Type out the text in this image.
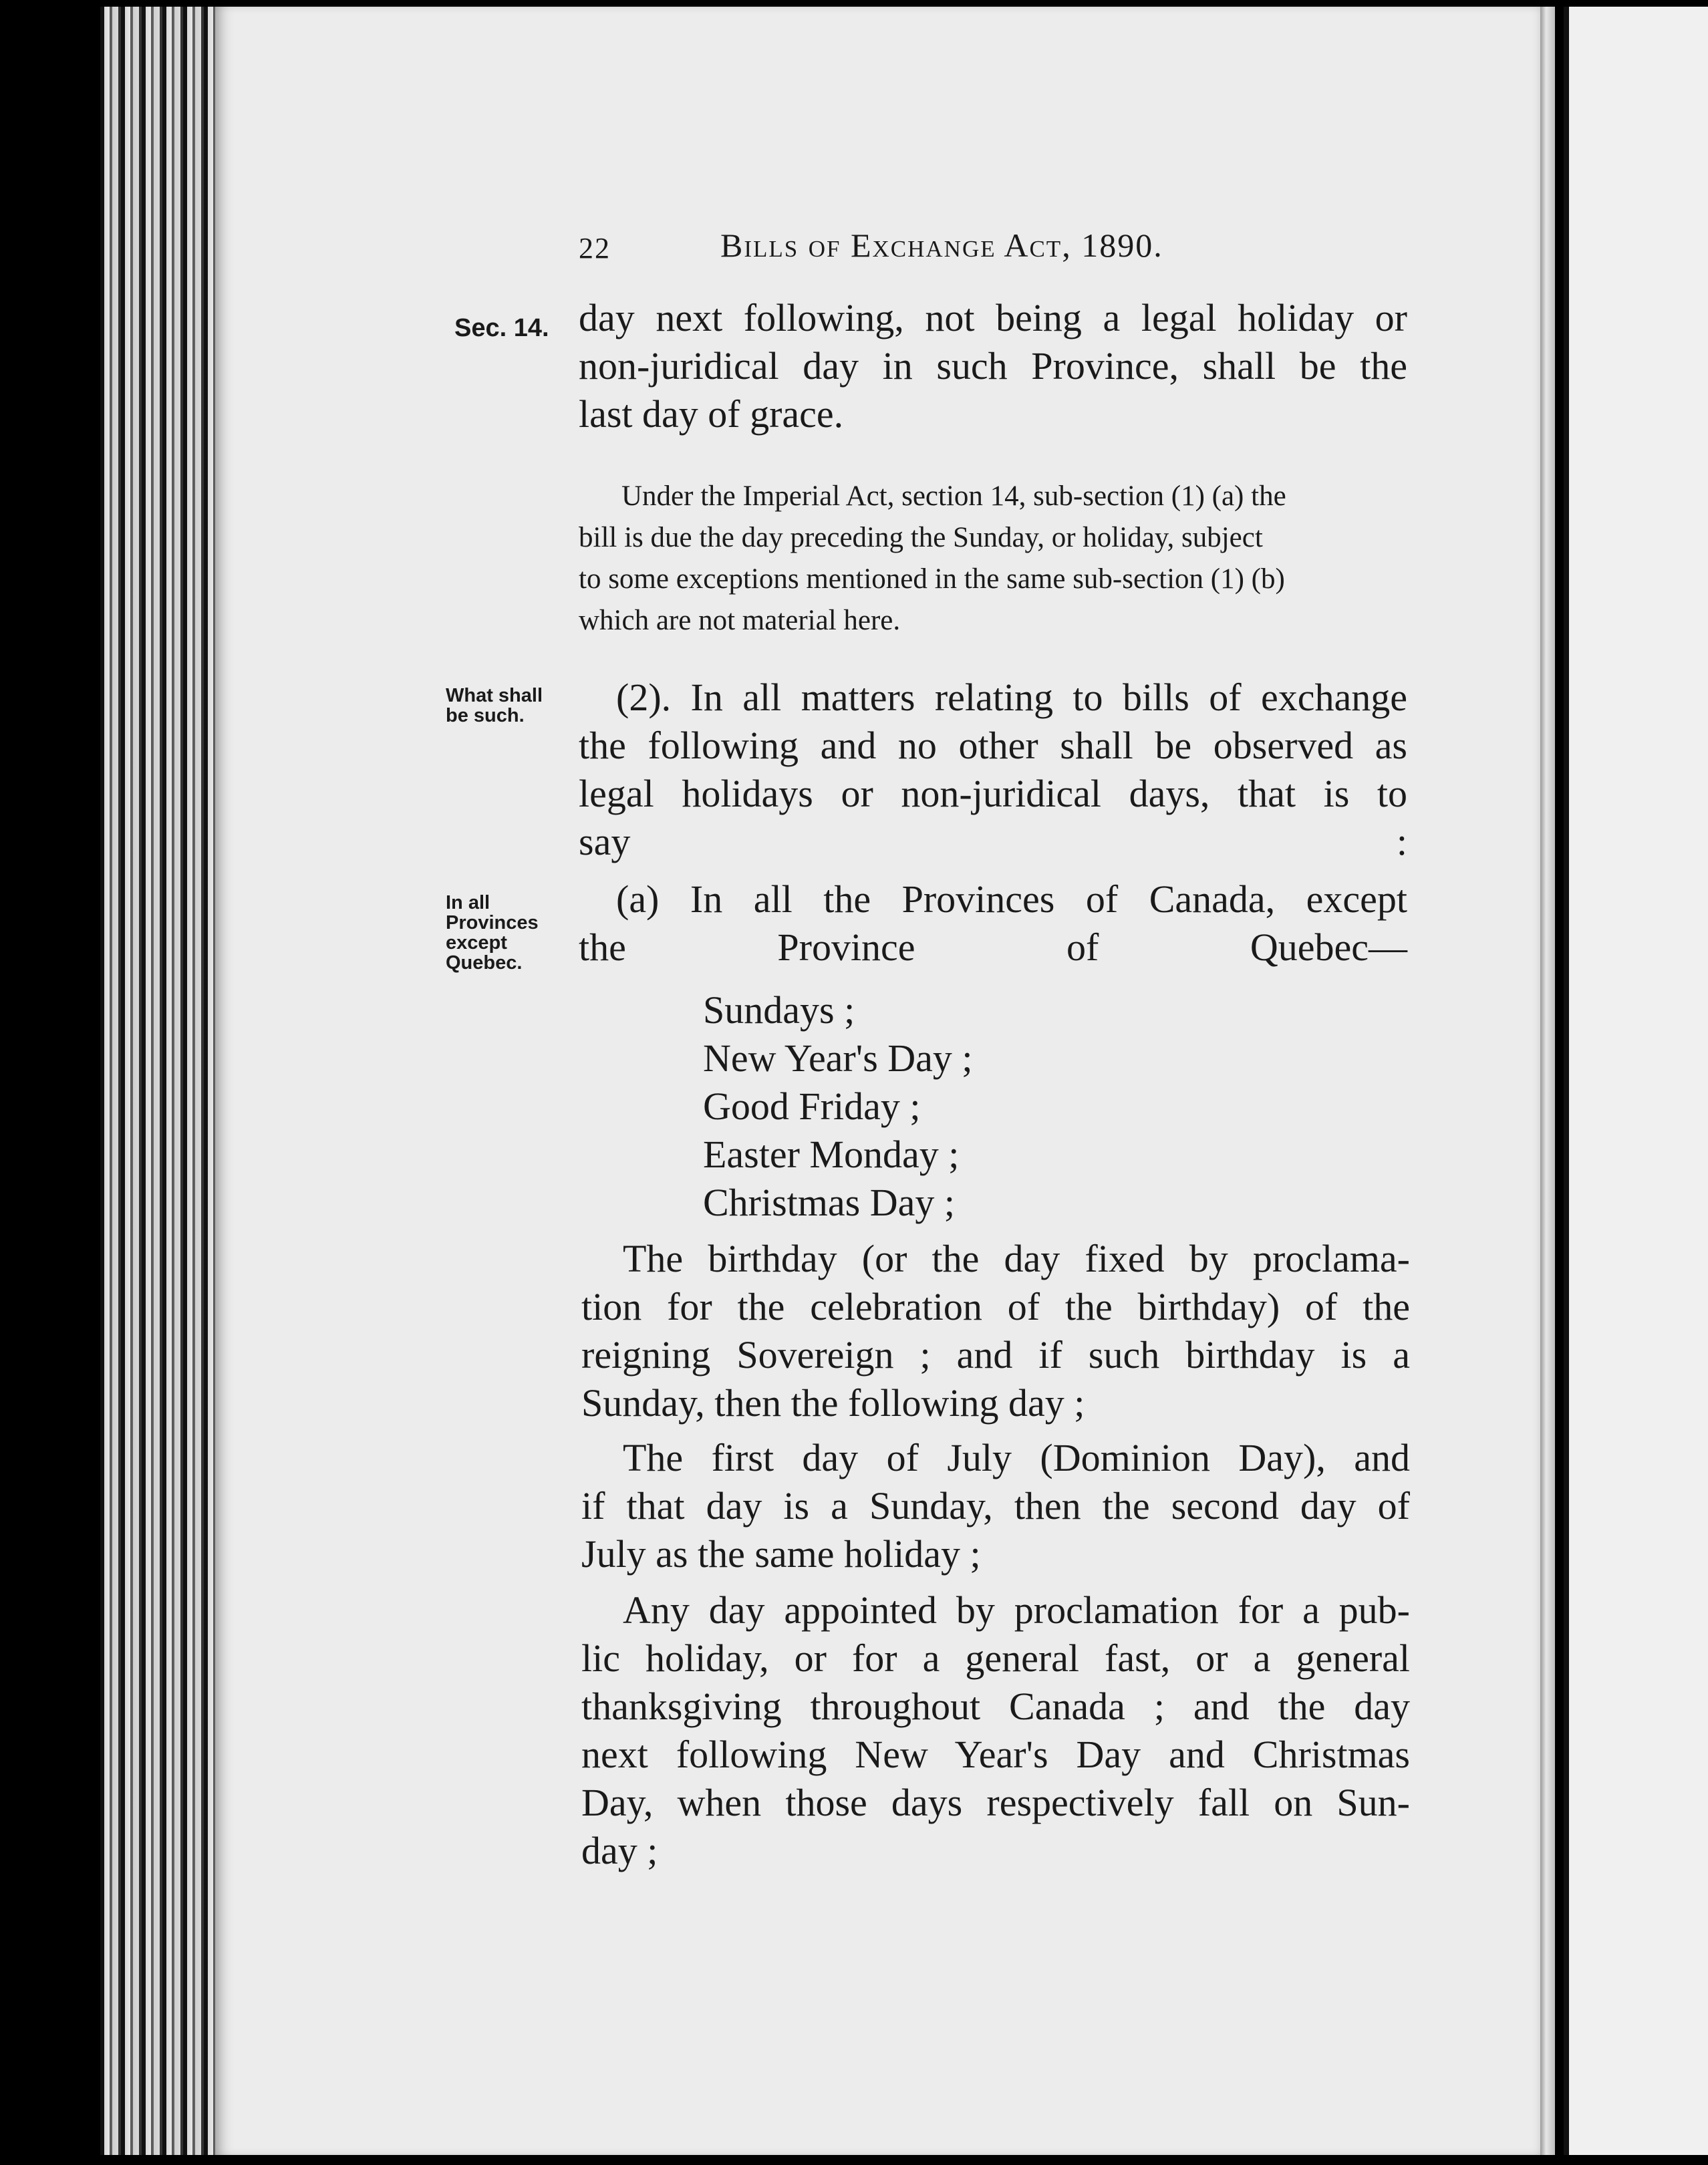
22	Bills of Exchange Act, 1890.

Sec. 14.

What shall
be such.

In all
Provinces
except
Quebec.

day next following, not being a legal holiday or
non-juridical day in such Province, shall be the
last day of grace.
Under the Imperial Act, section 14, sub-section (1) (a) the
bill is due the day preceding the Sunday, or holiday, subject
to some exceptions mentioned in the same sub-section (1) (b)
which are not material here.
(2). In all matters relating to bills of exchange
the following and no other shall be observed as
legal holidays or non-juridical days, that is to
say :
(a) In all the Provinces of Canada, except
the Province of Quebec—
Sundays ;
New Year's Day ;
Good Friday ;
Easter Monday ;
Christmas Day ;
The birthday (or the day fixed by proclama-
tion for the celebration of the birthday) of the
reigning Sovereign ; and if such birthday is a
Sunday, then the following day ;
The first day of July (Dominion Day), and
if that day is a Sunday, then the second day of
July as the same holiday ;
Any day appointed by proclamation for a pub-
lic holiday, or for a general fast, or a general
thanksgiving throughout Canada ; and the day
next following New Year's Day and Christmas
Day, when those days respectively fall on Sun-
day ;
